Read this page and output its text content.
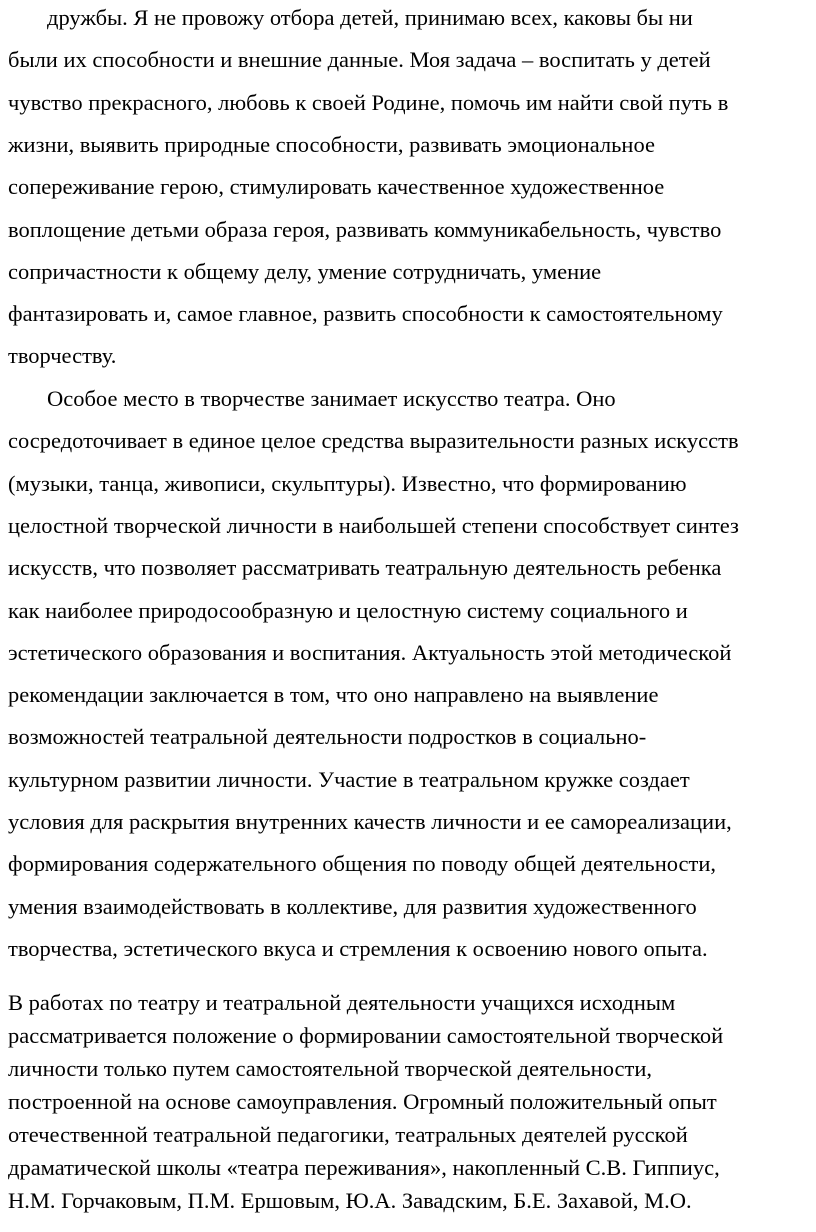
дружбы. Я не провожу отбора детей, принимаю всех, каковы бы ни
были их способности и внешние данные. Моя задача – воспитать у детей
чувство прекрасного, любовь к своей Родине, помочь им найти свой путь в
жизни, выявить природные способности, развивать эмоциональное
сопереживание герою, стимулировать качественное художественное
воплощение детьми образа героя, развивать коммуникабельность, чувство
сопричастности к общему делу, умение сотрудничать, умение
фантазировать и, самое главное, развить способности к самостоятельному
творчеству.
Особое место в творчестве занимает искусство театра. Оно
сосредоточивает в единое целое средства выразительности разных искусств
(музыки, танца, живописи, скульптуры). Известно, что формированию
целостной творческой личности в наибольшей степени способствует синтез
искусств, что позволяет рассматривать театральную деятельность ребенка
как наиболее природосообразную и целостную систему социального и
эстетического образования и воспитания. Актуальность этой методической
рекомендации заключается в том, что оно направлено на выявление
возможностей театральной деятельности подростков в социально-
культурном развитии личности. Участие в театральном кружке создает
условия для раскрытия внутренних качеств личности и ее самореализации,
формирования содержательного общения по поводу общей деятельности,
умения взаимодействовать в коллективе, для развития художественного
творчества, эстетического вкуса и стремления к освоению нового опыта.
В работах по театру и театральной деятельности учащихся исходным
рассматривается положение о формировании самостоятельной творческой
личности только путем самостоятельной творческой деятельности,
построенной на основе самоуправления. Огромный положительный опыт
отечественной театральной педагогики, театральных деятелей русской
драматической школы «театра переживания», накопленный С.В. Гиппиус,
Н.М. Горчаковым, П.М. Ершовым, Ю.А. Завадским, Б.Е. Захавой, М.О.
